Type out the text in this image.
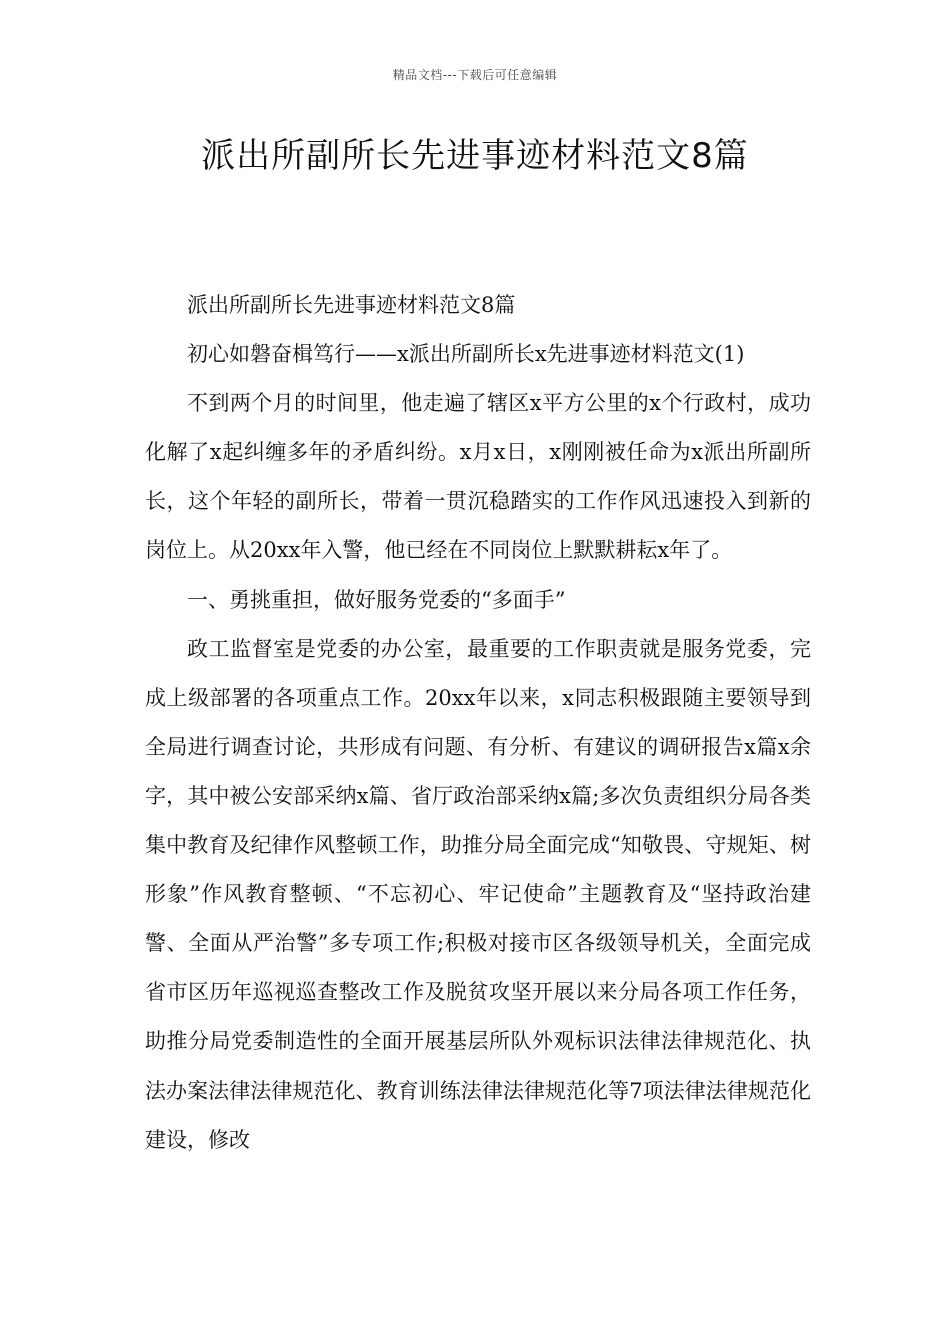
精品文档---下载后可任意编辑
派出所副所长先进事迹材料范文8篇

派出所副所长先进事迹材料范文8篇

初心如磐奋楫笃行——x派出所副所长x先进事迹材料范文(1)

不到两个月的时间里，他走遍了辖区x平方公里的x个行政村，成功化解了x起纠缠多年的矛盾纠纷。x月x日，x刚刚被任命为x派出所副所长，这个年轻的副所长，带着一贯沉稳踏实的工作作风迅速投入到新的岗位上。从20xx年入警，他已经在不同岗位上默默耕耘x年了。

一、勇挑重担，做好服务党委的“多面手”

政工监督室是党委的办公室，最重要的工作职责就是服务党委，完成上级部署的各项重点工作。20xx年以来，x同志积极跟随主要领导到全局进行调查讨论，共形成有问题、有分析、有建议的调研报告x篇x余字，其中被公安部采纳x篇、省厅政治部采纳x篇;多次负责组织分局各类集中教育及纪律作风整顿工作，助推分局全面完成“知敬畏、守规矩、树形象”作风教育整顿、“不忘初心、牢记使命”主题教育及“坚持政治建警、全面从严治警”多专项工作;积极对接市区各级领导机关，全面完成省市区历年巡视巡查整改工作及脱贫攻坚开展以来分局各项工作任务，助推分局党委制造性的全面开展基层所队外观标识法律法律规范化、执法办案法律法律规范化、教育训练法律法律规范化等7项法律法律规范化建设，修改
